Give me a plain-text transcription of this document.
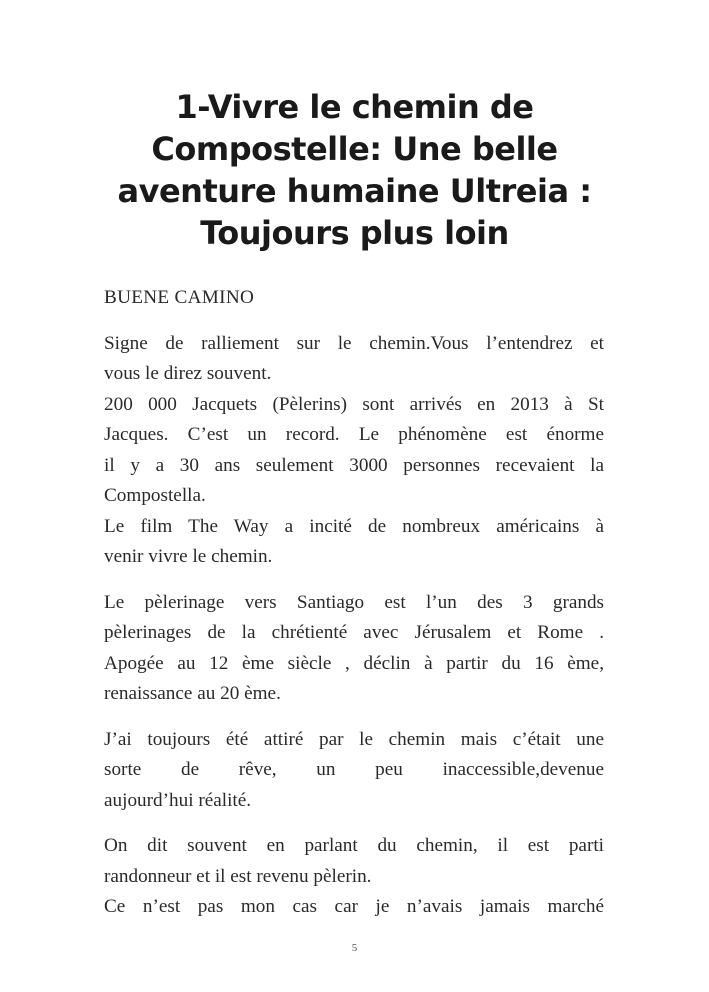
1-Vivre le chemin de
Compostelle: Une belle
aventure humaine Ultreia :
Toujours plus loin

BUENE CAMINO

Signe de ralliement sur le chemin.Vous l’entendrez et
vous le direz souvent.
200 000 Jacquets (Pèlerins) sont arrivés en 2013 à St
Jacques. C’est un record. Le phénomène est énorme
il y a 30 ans seulement 3000 personnes recevaient la
Compostella.
Le film The Way a incité de nombreux américains à
venir vivre le chemin.

Le pèlerinage vers Santiago est l’un des 3 grands
pèlerinages de la chrétienté avec Jérusalem et Rome .
Apogée au 12 ème siècle , déclin à partir du 16 ème,
renaissance au 20 ème.

J’ai toujours été attiré par le chemin mais c’était une
sorte de rêve, un peu inaccessible,devenue
aujourd’hui réalité.

On dit souvent en parlant du chemin, il est parti
randonneur et il est revenu pèlerin.
Ce n’est pas mon cas car je n’avais jamais marché

5
